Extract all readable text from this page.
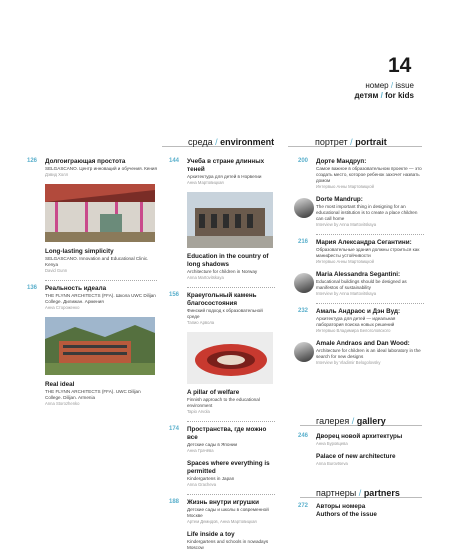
14
номер / issue
детям / for kids
среда / environment	портрет / portrait
126 Долгоиграющая простота
SELGASCANO. Центр инноваций и обучения. Кения
Дэвид Холл
Long-lasting simplicity
SELGASCANO. Innovation and Educational Clinic. Kenya
David Gunn
136 Реальность идеала
THE FLYNN ARCHITECTS (FFA). Школа UWC Dilijan College. Дилижан. Армения
Анна Стороженко
Real ideal
THE FLYNN ARCHITECTS (FFA). UWC Dilijan College. Dilijan. Armenia
Anna Storozhenko
144 Учеба в стране длинных теней
Архитектура для детей в Норвегии
Анна Мартовицкая
Education in the country of long shadows
Architecture for children in Norway
Anna Martovitskaya
156 Краеугольный камень благосостояния
Финский подход к образовательной среде
Тапио Арвола
A pillar of welfare
Finnish approach to the educational environment
Tapio Arvola
174 Пространства, где можно все
Детские сады в Японии
Анна Грачёва
Spaces where everything is permitted
Kindergartens in Japan
Anna Gracheva
188 Жизнь внутри игрушки
Детские сады и школы в современной Москве
Артем Демидов, Анна Мартовицкая
Life inside a toy
Kindergartens and schools in nowadays Moscow
200 Дорте Мандруп:
Самое важное в образовательном проекте — это создать место, которое ребенок захочет назвать домом
Интервью Анны Мартовицкой
Dorte Mandrup:
The most important thing in designing for an educational institution is to create a place children can call home
Interview by Anna Martovitskaya
216 Мария Александра Сегантини:
Образовательные здания должны строиться как манифесты устойчивости
Интервью Анны Мартовицкой
Maria Alessandra Segantini:
Educational buildings should be designed as manifestos of sustainability
Interview by Anna Martovitskaya
232 Амаль Андраос и Дэн Вуд:
Архитектура для детей — идеальная лаборатория поиска новых решений
Интервью Владимира Белоголовского
Amale Andraos and Dan Wood:
Architecture for children is an ideal laboratory in the search for new designs
Interview by Vladimir Belogolovsky
галерея / gallery
246 Дворец новой архитектуры
Анна Буровцева
Palace of new architecture
Anna Burovtseva
партнеры / partners
272 Авторы номера
Authors of the issue
